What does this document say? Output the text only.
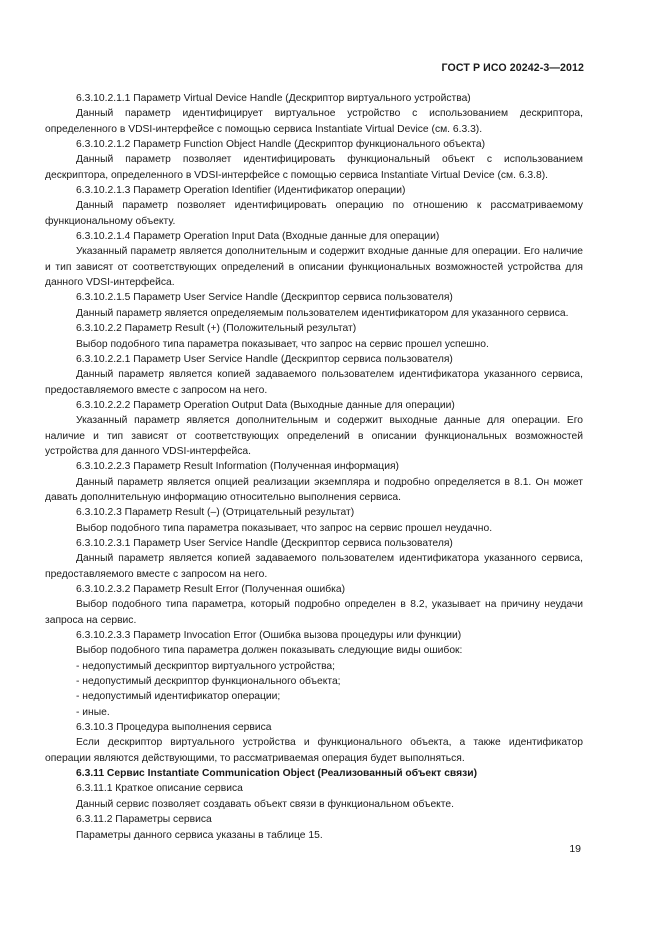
ГОСТ Р ИСО 20242-3—2012

6.3.10.2.1.1 Параметр Virtual Device Handle (Дескриптор виртуального устройства)

Данный параметр идентифицирует виртуальное устройство с использованием дескриптора, определенного в VDSI-интерфейсе с помощью сервиса Instantiate Virtual Device (см. 6.3.3).

6.3.10.2.1.2 Параметр Function Object Handle (Дескриптор функционального объекта)

Данный параметр позволяет идентифицировать функциональный объект с использованием дескриптора, определенного в VDSI-интерфейсе с помощью сервиса Instantiate Virtual Device (см. 6.3.8).

6.3.10.2.1.3 Параметр Operation Identifier (Идентификатор операции)

Данный параметр позволяет идентифицировать операцию по отношению к рассматриваемому функциональному объекту.

6.3.10.2.1.4 Параметр Operation Input Data (Входные данные для операции)

Указанный параметр является дополнительным и содержит входные данные для операции. Его наличие и тип зависят от соответствующих определений в описании функциональных возможностей устройства для данного VDSI-интерфейса.

6.3.10.2.1.5 Параметр User Service Handle (Дескриптор сервиса пользователя)

Данный параметр является определяемым пользователем идентификатором для указанного сервиса.

6.3.10.2.2 Параметр Result (+) (Положительный результат)

Выбор подобного типа параметра показывает, что запрос на сервис прошел успешно.

6.3.10.2.2.1 Параметр User Service Handle (Дескриптор сервиса пользователя)

Данный параметр является копией задаваемого пользователем идентификатора указанного сервиса, предоставляемого вместе с запросом на него.

6.3.10.2.2.2 Параметр Operation Output Data (Выходные данные для операции)

Указанный параметр является дополнительным и содержит выходные данные для операции. Его наличие и тип зависят от соответствующих определений в описании функциональных возможностей устройства для данного VDSI-интерфейса.

6.3.10.2.2.3 Параметр Result Information (Полученная информация)

Данный параметр является опцией реализации экземпляра и подробно определяется в 8.1. Он может давать дополнительную информацию относительно выполнения сервиса.

6.3.10.2.3 Параметр Result (–) (Отрицательный результат)

Выбор подобного типа параметра показывает, что запрос на сервис прошел неудачно.

6.3.10.2.3.1 Параметр User Service Handle (Дескриптор сервиса пользователя)

Данный параметр является копией задаваемого пользователем идентификатора указанного сервиса, предоставляемого вместе с запросом на него.

6.3.10.2.3.2 Параметр Result Error (Полученная ошибка)

Выбор подобного типа параметра, который подробно определен в 8.2, указывает на причину неудачи запроса на сервис.

6.3.10.2.3.3 Параметр Invocation Error (Ошибка вызова процедуры или функции)

Выбор подобного типа параметра должен показывать следующие виды ошибок:

- недопустимый дескриптор виртуального устройства;

- недопустимый дескриптор функционального объекта;

- недопустимый идентификатор операции;

- иные.

6.3.10.3 Процедура выполнения сервиса

Если дескриптор виртуального устройства и функционального объекта, а также идентификатор операции являются действующими, то рассматриваемая операция будет выполняться.

6.3.11 Сервис Instantiate Communication Object (Реализованный объект связи)

6.3.11.1 Краткое описание сервиса

Данный сервис позволяет создавать объект связи в функциональном объекте.

6.3.11.2 Параметры сервиса

Параметры данного сервиса указаны в таблице 15.

19
